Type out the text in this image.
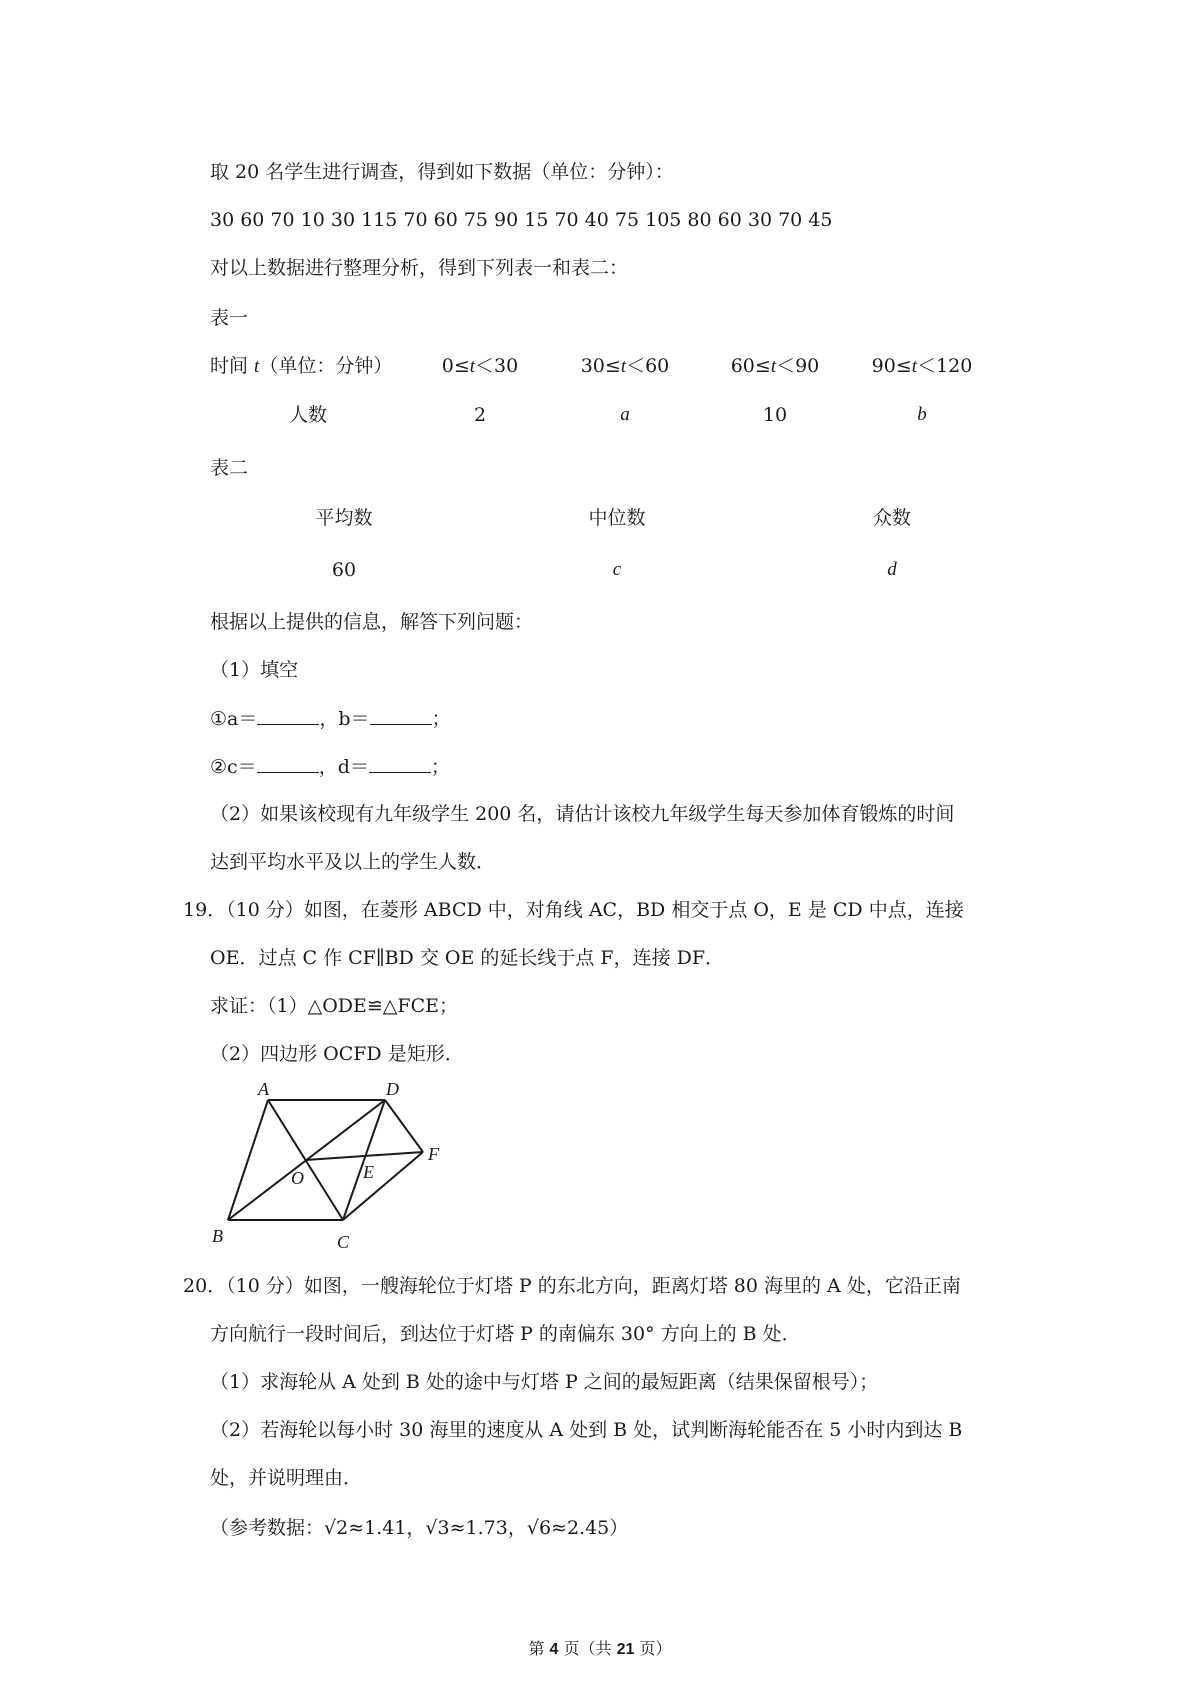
取 20 名学生进行调查，得到如下数据（单位：分钟）：
30 60 70 10 30 115 70 60 75 90 15 70 40 75 105 80 60 30 70 45
对以上数据进行整理分析，得到下列表一和表二：
表一
时间 t（单位：分钟）	0≤t＜30	30≤t＜60	60≤t＜90	90≤t＜120
人数	2	a	10	b
表二
平均数	中位数	众数
60	c	d
根据以上提供的信息，解答下列问题：
（1）填空
①a＝	，b＝	；
②c＝	，d＝	；
（2）如果该校现有九年级学生 200 名，请估计该校九年级学生每天参加体育锻炼的时间
达到平均水平及以上的学生人数．
19．（10 分）如图，在菱形 ABCD 中，对角线 AC，BD 相交于点 O，E 是 CD 中点，连接
OE．过点 C 作 CF∥BD 交 OE 的延长线于点 F，连接 DF．
求证：（1）△ODE≌△FCE；
（2）四边形 OCFD 是矩形．
A	D
F
O	E
B	C
20．（10 分）如图，一艘海轮位于灯塔 P 的东北方向，距离灯塔 80 海里的 A 处，它沿正南
方向航行一段时间后，到达位于灯塔 P 的南偏东 30° 方向上的 B 处．
（1）求海轮从 A 处到 B 处的途中与灯塔 P 之间的最短距离（结果保留根号）；
（2）若海轮以每小时 30 海里的速度从 A 处到 B 处，试判断海轮能否在 5 小时内到达 B
处，并说明理由．
（参考数据：√2≈1.41，√3≈1.73，√6≈2.45）
第 4 页（共 21 页）
